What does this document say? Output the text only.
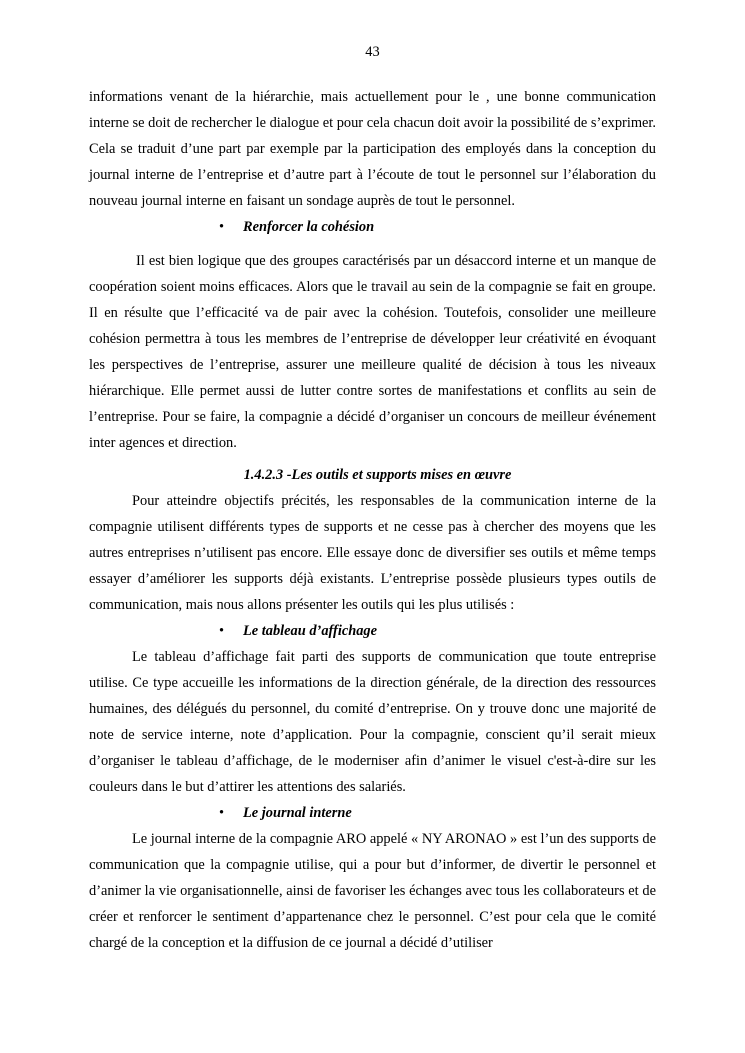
43

informations venant de la hiérarchie, mais actuellement pour le , une bonne communication interne se doit de rechercher le dialogue et pour cela chacun doit avoir la possibilité de s’exprimer. Cela se traduit d’une part par exemple par la participation des employés dans la conception du journal interne de l’entreprise et d’autre part à l’écoute de tout le personnel sur l’élaboration du nouveau journal interne en faisant un sondage auprès de tout le personnel.

• Renforcer la cohésion

Il est bien logique que des groupes caractérisés par un désaccord interne et un manque de coopération soient moins efficaces. Alors que le travail au sein de la compagnie se fait en groupe. Il en résulte que l’efficacité va de pair avec la cohésion. Toutefois, consolider une meilleure cohésion permettra à tous les membres de l’entreprise de développer leur créativité en évoquant les perspectives de l’entreprise, assurer une meilleure qualité de décision à tous les niveaux hiérarchique. Elle permet aussi de lutter contre sortes de manifestations et conflits au sein de l’entreprise. Pour se faire, la compagnie a décidé d’organiser un concours de meilleur événement inter agences et direction.

1.4.2.3 -Les outils et supports mises en œuvre

Pour atteindre objectifs précités, les responsables de la communication interne de la compagnie utilisent différents types de supports et ne cesse pas à chercher des moyens que les autres entreprises n’utilisent pas encore. Elle essaye donc de diversifier ses outils et même temps essayer d’améliorer les supports déjà existants. L’entreprise possède plusieurs types outils de communication, mais nous allons présenter les outils qui les plus utilisés :

• Le tableau d’affichage

Le tableau d’affichage fait parti des supports de communication que toute entreprise utilise. Ce type accueille les informations de la direction générale, de la direction des ressources humaines, des délégués du personnel, du comité d’entreprise. On y trouve donc une majorité de note de service interne, note d’application. Pour la compagnie, conscient qu’il serait mieux d’organiser le tableau d’affichage, de le moderniser afin d’animer le visuel c'est-à-dire sur les couleurs dans le but d’attirer les attentions des salariés.

• Le journal interne

Le journal interne de la compagnie ARO appelé « NY ARONAO » est l’un des supports de communication que la compagnie utilise, qui a pour but d’informer, de divertir le personnel et d’animer la vie organisationnelle, ainsi de favoriser les échanges avec tous les collaborateurs et de créer et renforcer le sentiment d’appartenance chez le personnel. C’est pour cela que le comité chargé de la conception et la diffusion de ce journal a décidé d’utiliser
